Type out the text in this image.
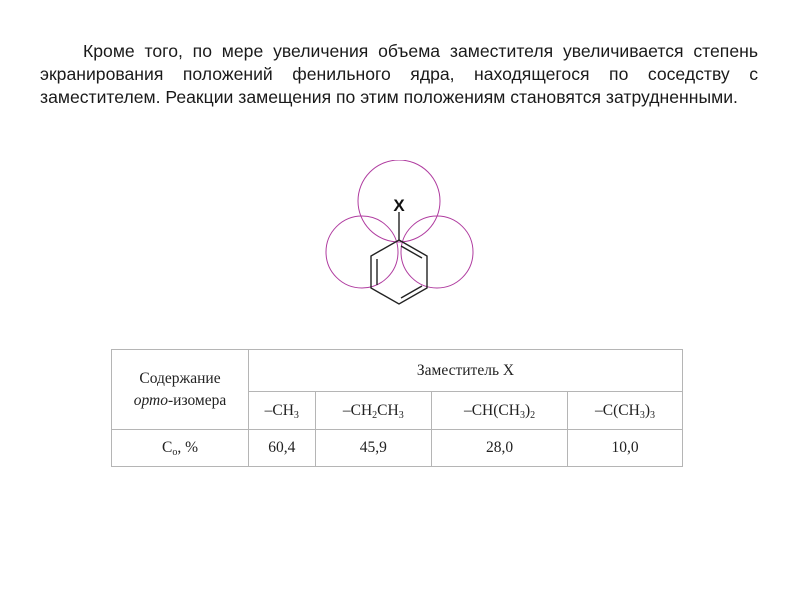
Кроме того, по мере увеличения объема заместителя увеличивается степень экранирования положений фенильного ядра, находящегося по соседству с заместителем. Реакции замещения по этим положениям становятся затрудненными.

X
Содержание
орто-изомера	Заместитель X			
	$-CH_3$	$-CH_2CH_3$	$-CH(CH_3)_2$	$-C(CH_3)_3$
$C_o$, %	60,4	45,9	28,0	10,0
